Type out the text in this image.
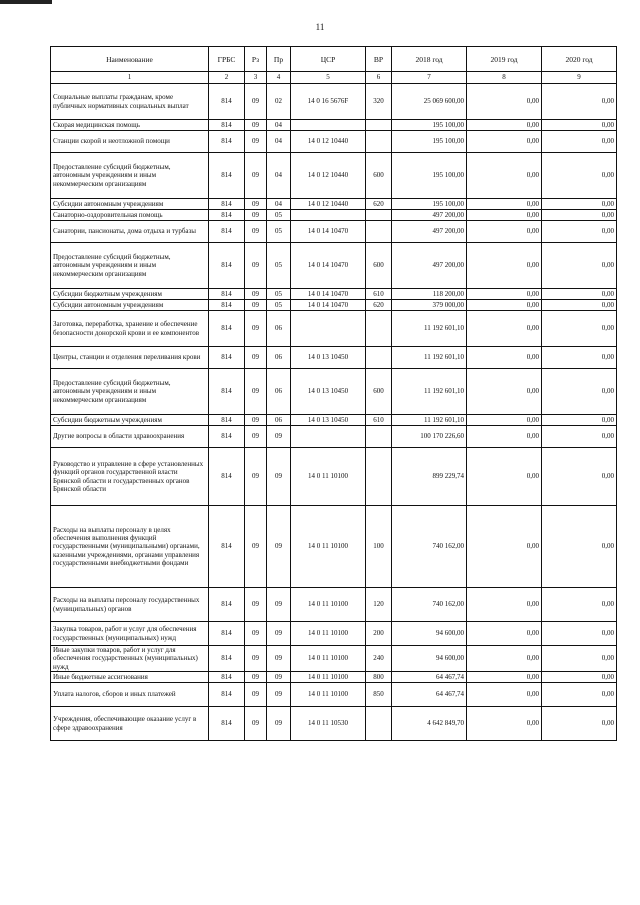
11
Наименование	ГРБС	Рз	Пр	ЦСР	ВР	2018 год	2019 год	2020 год
1	2	3	4	5	6	7	8	9
Социальные выплаты гражданам, кроме публичных нормативных социальных выплат	814	09	02	14 0 16 5676F	320	25 069 600,00	0,00	0,00
Скорая медицинская помощь	814	09	04			195 100,00	0,00	0,00
Станции скорой и неотложной помощи	814	09	04	14 0 12 10440		195 100,00	0,00	0,00
Предоставление субсидий бюджетным, автономным учреждениям и иным некоммерческим организациям	814	09	04	14 0 12 10440	600	195 100,00	0,00	0,00
Субсидии автономным учреждениям	814	09	04	14 0 12 10440	620	195 100,00	0,00	0,00
Санаторно-оздоровительная помощь	814	09	05			497 200,00	0,00	0,00
Санатории, пансионаты, дома отдыха и турбазы	814	09	05	14 0 14 10470		497 200,00	0,00	0,00
Предоставление субсидий бюджетным, автономным учреждениям и иным некоммерческим организациям	814	09	05	14 0 14 10470	600	497 200,00	0,00	0,00
Субсидии бюджетным учреждениям	814	09	05	14 0 14 10470	610	118 200,00	0,00	0,00
Субсидии автономным учреждениям	814	09	05	14 0 14 10470	620	379 000,00	0,00	0,00
Заготовка, переработка, хранение и обеспечение безопасности донорской крови и ее компонентов	814	09	06			11 192 601,10	0,00	0,00
Центры, станции и отделения переливания крови	814	09	06	14 0 13 10450		11 192 601,10	0,00	0,00
Предоставление субсидий бюджетным, автономным учреждениям и иным некоммерческим организациям	814	09	06	14 0 13 10450	600	11 192 601,10	0,00	0,00
Субсидии бюджетным учреждениям	814	09	06	14 0 13 10450	610	11 192 601,10	0,00	0,00
Другие вопросы в области здравоохранения	814	09	09			100 170 226,60	0,00	0,00
Руководство и управление в сфере установленных функций органов государственной власти Брянской области и государственных органов Брянской области	814	09	09	14 0 11 10100		899 229,74	0,00	0,00
Расходы на выплаты персоналу в целях обеспечения выполнения функций государственными (муниципальными) органами, казенными учреждениями, органами управления государственными внебюджетными фондами	814	09	09	14 0 11 10100	100	740 162,00	0,00	0,00
Расходы на выплаты персоналу государственных (муниципальных) органов	814	09	09	14 0 11 10100	120	740 162,00	0,00	0,00
Закупка товаров, работ и услуг для обеспечения государственных (муниципальных) нужд	814	09	09	14 0 11 10100	200	94 600,00	0,00	0,00
Иные закупки товаров, работ и услуг для обеспечения государственных (муниципальных) нужд	814	09	09	14 0 11 10100	240	94 600,00	0,00	0,00
Иные бюджетные ассигнования	814	09	09	14 0 11 10100	800	64 467,74	0,00	0,00
Уплата налогов, сборов и иных платежей	814	09	09	14 0 11 10100	850	64 467,74	0,00	0,00
Учреждения, обеспечивающие оказание услуг в сфере здравоохранения	814	09	09	14 0 11 10530		4 642 849,70	0,00	0,00
